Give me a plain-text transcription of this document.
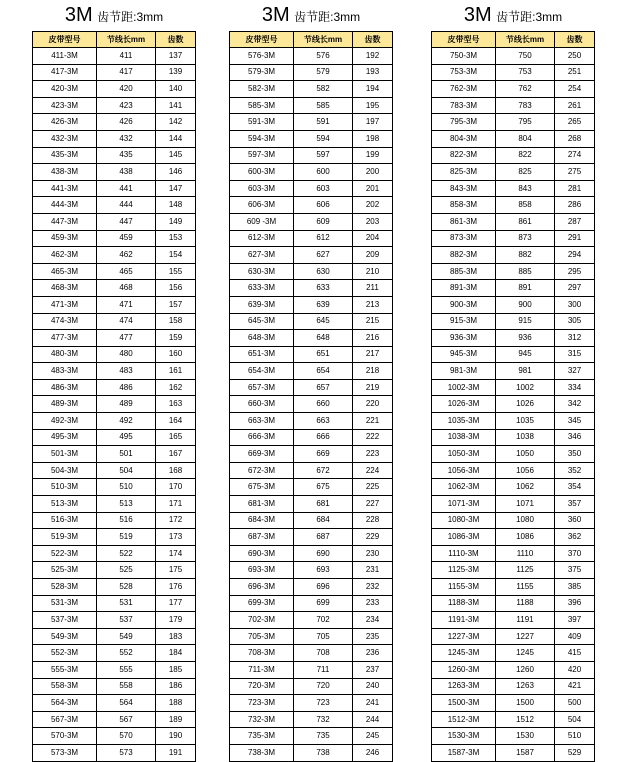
3M 齿节距:3mm
皮带型号	节线长mm	齿数
411-3M	411	137
417-3M	417	139
420-3M	420	140
423-3M	423	141
426-3M	426	142
432-3M	432	144
435-3M	435	145
438-3M	438	146
441-3M	441	147
444-3M	444	148
447-3M	447	149
459-3M	459	153
462-3M	462	154
465-3M	465	155
468-3M	468	156
471-3M	471	157
474-3M	474	158
477-3M	477	159
480-3M	480	160
483-3M	483	161
486-3M	486	162
489-3M	489	163
492-3M	492	164
495-3M	495	165
501-3M	501	167
504-3M	504	168
510-3M	510	170
513-3M	513	171
516-3M	516	172
519-3M	519	173
522-3M	522	174
525-3M	525	175
528-3M	528	176
531-3M	531	177
537-3M	537	179
549-3M	549	183
552-3M	552	184
555-3M	555	185
558-3M	558	186
564-3M	564	188
567-3M	567	189
570-3M	570	190
573-3M	573	191
3M 齿节距:3mm
皮带型号	节线长mm	齿数
576-3M	576	192
579-3M	579	193
582-3M	582	194
585-3M	585	195
591-3M	591	197
594-3M	594	198
597-3M	597	199
600-3M	600	200
603-3M	603	201
606-3M	606	202
609 -3M	609	203
612-3M	612	204
627-3M	627	209
630-3M	630	210
633-3M	633	211
639-3M	639	213
645-3M	645	215
648-3M	648	216
651-3M	651	217
654-3M	654	218
657-3M	657	219
660-3M	660	220
663-3M	663	221
666-3M	666	222
669-3M	669	223
672-3M	672	224
675-3M	675	225
681-3M	681	227
684-3M	684	228
687-3M	687	229
690-3M	690	230
693-3M	693	231
696-3M	696	232
699-3M	699	233
702-3M	702	234
705-3M	705	235
708-3M	708	236
711-3M	711	237
720-3M	720	240
723-3M	723	241
732-3M	732	244
735-3M	735	245
738-3M	738	246
3M 齿节距:3mm
皮带型号	节线长mm	齿数
750-3M	750	250
753-3M	753	251
762-3M	762	254
783-3M	783	261
795-3M	795	265
804-3M	804	268
822-3M	822	274
825-3M	825	275
843-3M	843	281
858-3M	858	286
861-3M	861	287
873-3M	873	291
882-3M	882	294
885-3M	885	295
891-3M	891	297
900-3M	900	300
915-3M	915	305
936-3M	936	312
945-3M	945	315
981-3M	981	327
1002-3M	1002	334
1026-3M	1026	342
1035-3M	1035	345
1038-3M	1038	346
1050-3M	1050	350
1056-3M	1056	352
1062-3M	1062	354
1071-3M	1071	357
1080-3M	1080	360
1086-3M	1086	362
1110-3M	1110	370
1125-3M	1125	375
1155-3M	1155	385
1188-3M	1188	396
1191-3M	1191	397
1227-3M	1227	409
1245-3M	1245	415
1260-3M	1260	420
1263-3M	1263	421
1500-3M	1500	500
1512-3M	1512	504
1530-3M	1530	510
1587-3M	1587	529
